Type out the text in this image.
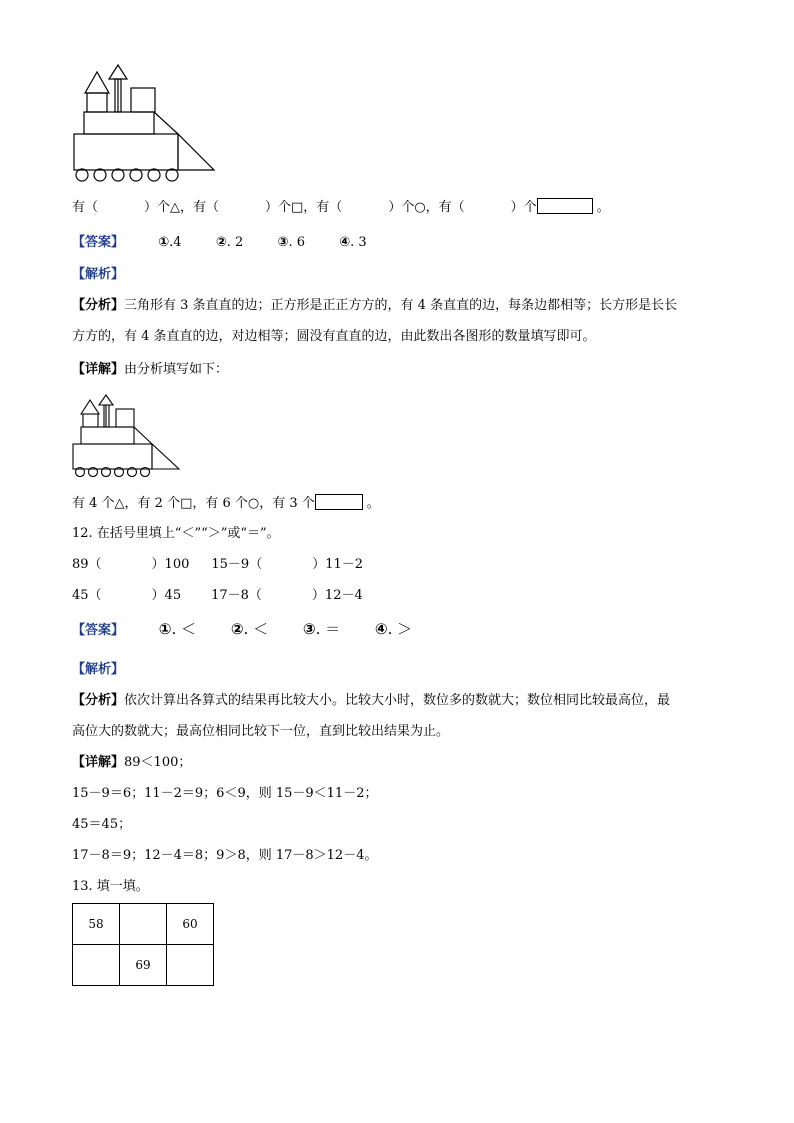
有（	）个△，有（	）个□，有（	）个○，有（	）个	。
【答案】	①.4	②. 2	③. 6	④. 3
【解析】
【分析】三角形有 3 条直直的边；正方形是正正方方的，有 4 条直直的边，每条边都相等；长方形是长长
方方的，有 4 条直直的边，对边相等；圆没有直直的边，由此数出各图形的数量填写即可。
【详解】由分析填写如下：
有 4 个△，有 2 个□，有 6 个○，有 3 个	。
12. 在括号里填上“＜”“＞”或“＝”。
89（	）100 15－9（	）11－2
45（	）45 17－8（	）12－4
【答案】 ①. ＜ ②. ＜ ③. ＝ ④. ＞
【解析】
【分析】依次计算出各算式的结果再比较大小。比较大小时，数位多的数就大；数位相同比较最高位，最
高位大的数就大；最高位相同比较下一位，直到比较出结果为止。
【详解】89＜100；
15－9＝6；11－2＝9；6＜9，则 15－9＜11－2；
45＝45；
17－8＝9；12－4＝8；9＞8，则 17－8＞12－4。
13. 填一填。
58		60
	69	
